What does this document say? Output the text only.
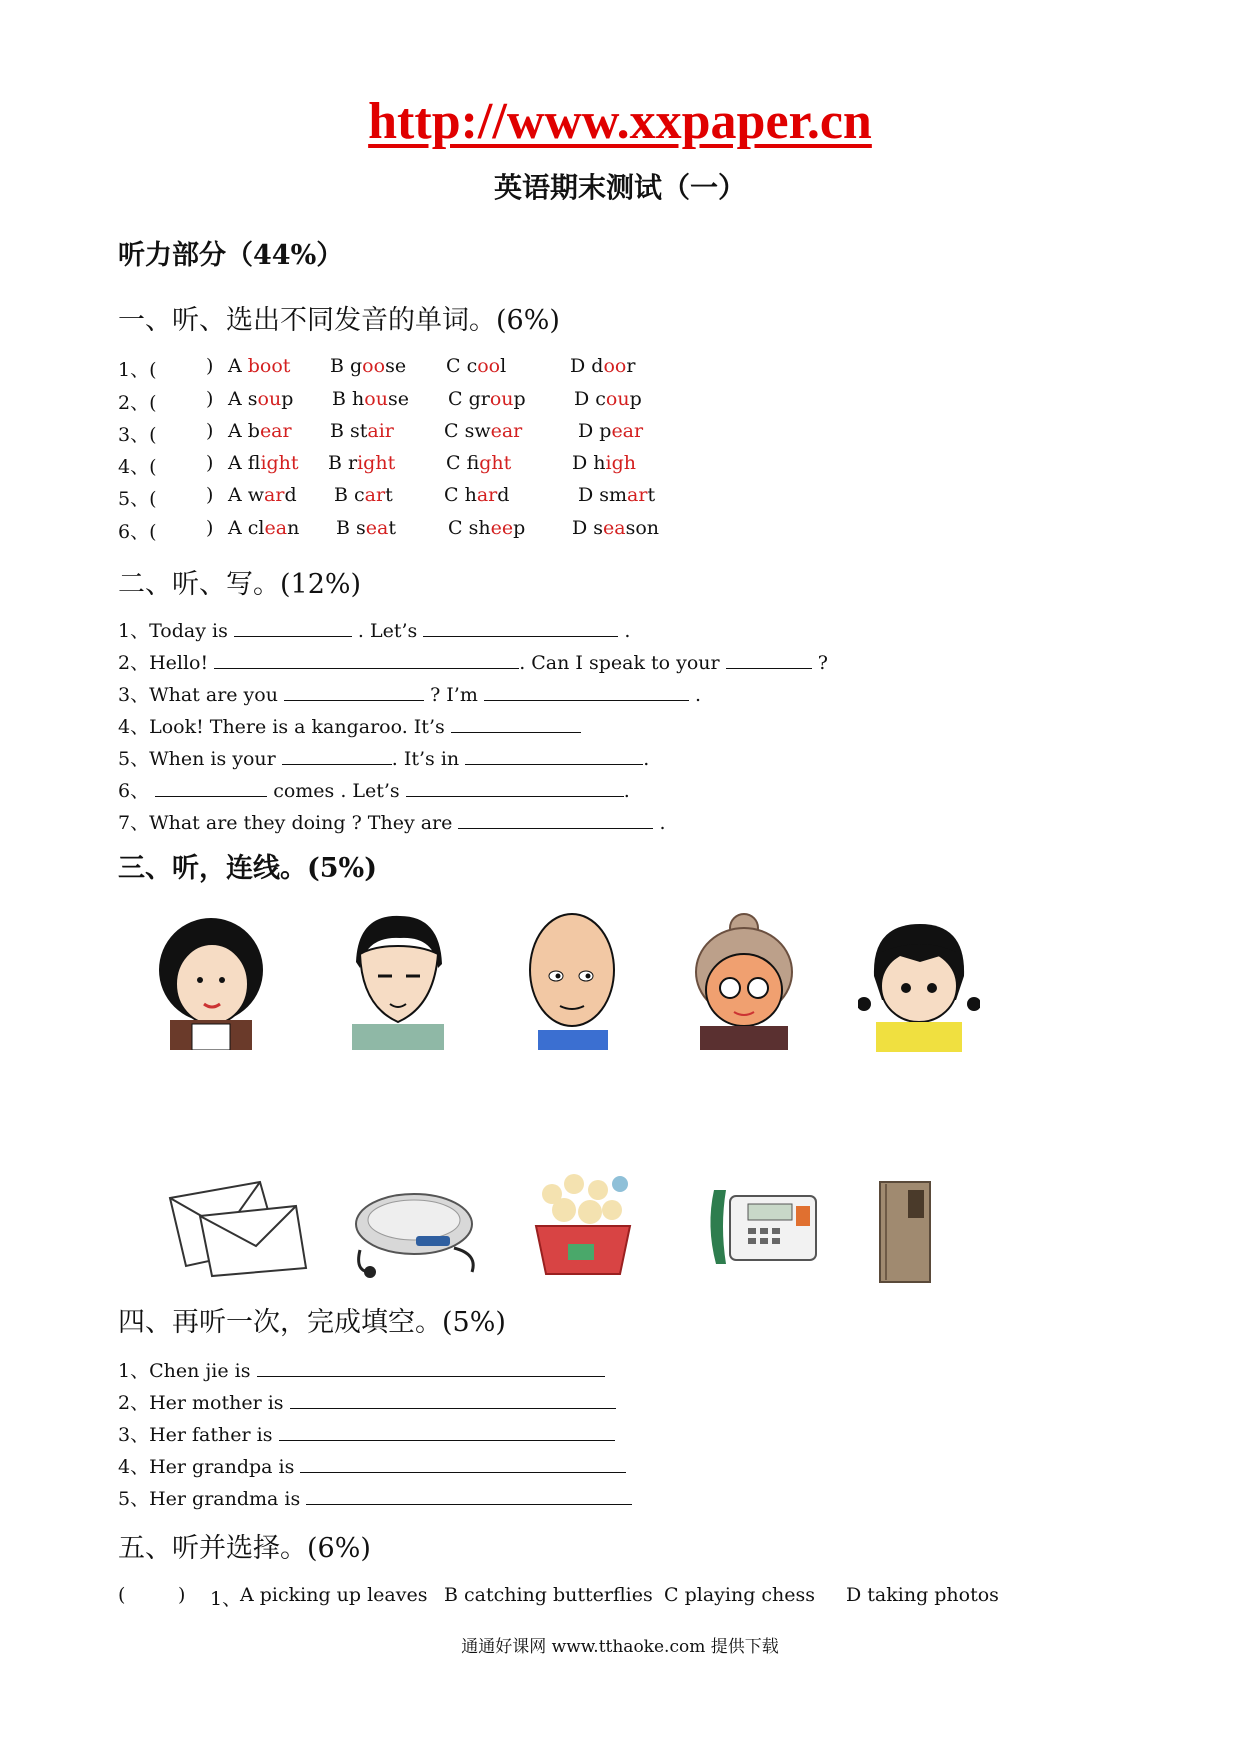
http://www.xxpaper.cn
英语期末测试（一）
听力部分（44%）
一、听、选出不同发音的单词。(6%)
1、(	) A boot B goose C cool	D door
2、(	) A soup B house C group	D coup
3、(	) A bear B stair	C swear	D pear
4、(	) A flight B right	C fight	D high
5、(	) A ward B cart	C hard	D smart
6、(	) A clean B seat	C sheep D season
二、听、写。(12%)
1、Today is	. Let’s	.
2、Hello!	. Can I speak to your	?
3、What are you	? I’m	.
4、Look! There is a kangaroo. It’s
5、When is your	. It’s in	.
6、	comes . Let’s	.
7、What are they doing ? They are	.
三、听，连线。(5%)
四、再听一次，完成填空。(5%)
1、Chen jie is
2、Her mother is
3、Her father is
4、Her grandpa is
5、Her grandma is
五、听并选择。(6%)
(	) 1、
A picking up leaves B catching butterflies C playing chess D taking photos
通通好课网 www.tthaoke.com 提供下载
